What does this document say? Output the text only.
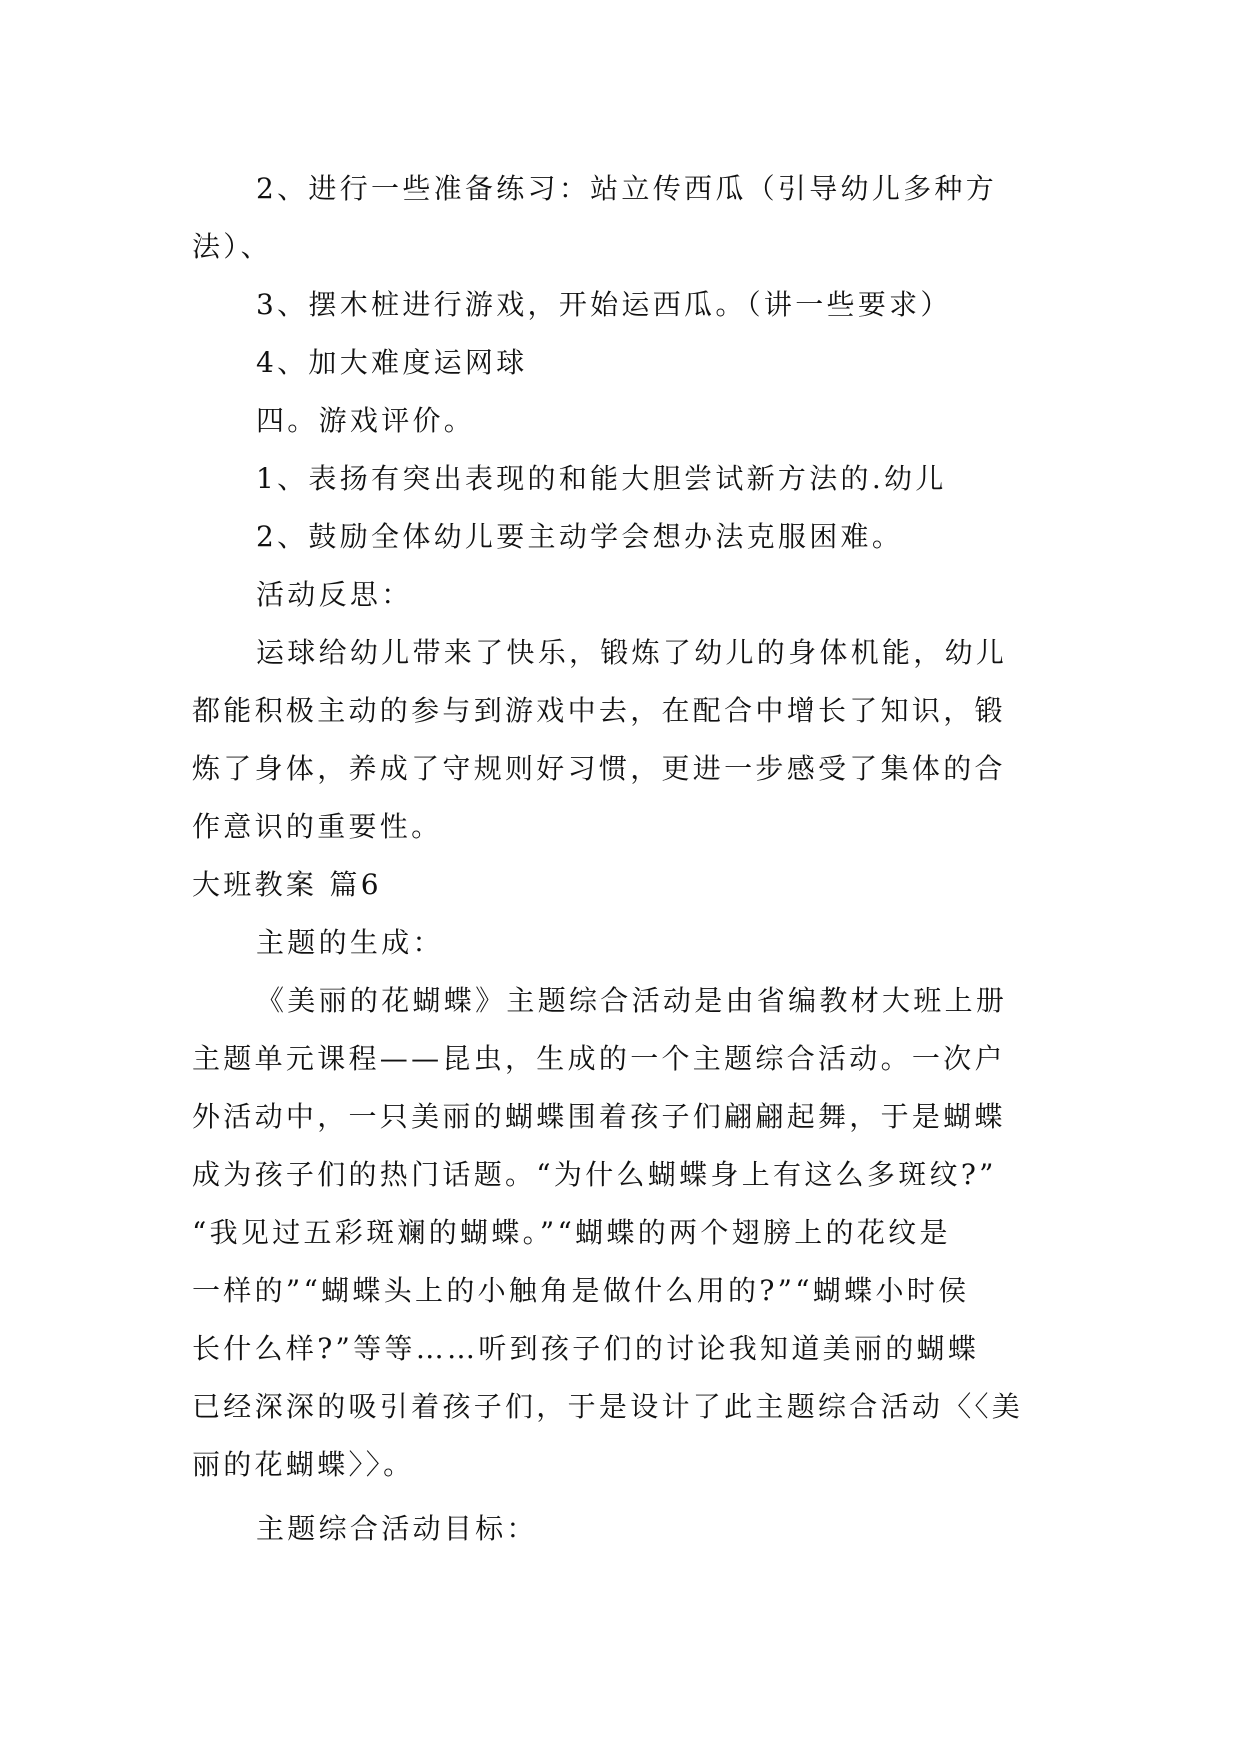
2、进行一些准备练习：站立传西瓜（引导幼儿多种方
法）、
3、摆木桩进行游戏，开始运西瓜。（讲一些要求）
4、加大难度运网球
四。游戏评价。
1、表扬有突出表现的和能大胆尝试新方法的.幼儿
2、鼓励全体幼儿要主动学会想办法克服困难。
活动反思：
运球给幼儿带来了快乐，锻炼了幼儿的身体机能，幼儿
都能积极主动的参与到游戏中去，在配合中增长了知识，锻
炼了身体，养成了守规则好习惯，更进一步感受了集体的合
作意识的重要性。
大班教案 篇6
主题的生成：
《美丽的花蝴蝶》主题综合活动是由省编教材大班上册
主题单元课程——昆虫，生成的一个主题综合活动。一次户
外活动中，一只美丽的蝴蝶围着孩子们翩翩起舞，于是蝴蝶
成为孩子们的热门话题。“为什么蝴蝶身上有这么多斑纹?”
“我见过五彩斑斓的蝴蝶。”“蝴蝶的两个翅膀上的花纹是
一样的”“蝴蝶头上的小触角是做什么用的?”“蝴蝶小时侯
长什么样?”等等……听到孩子们的讨论我知道美丽的蝴蝶
已经深深的吸引着孩子们，于是设计了此主题综合活动〈〈美
丽的花蝴蝶〉〉。
主题综合活动目标：
